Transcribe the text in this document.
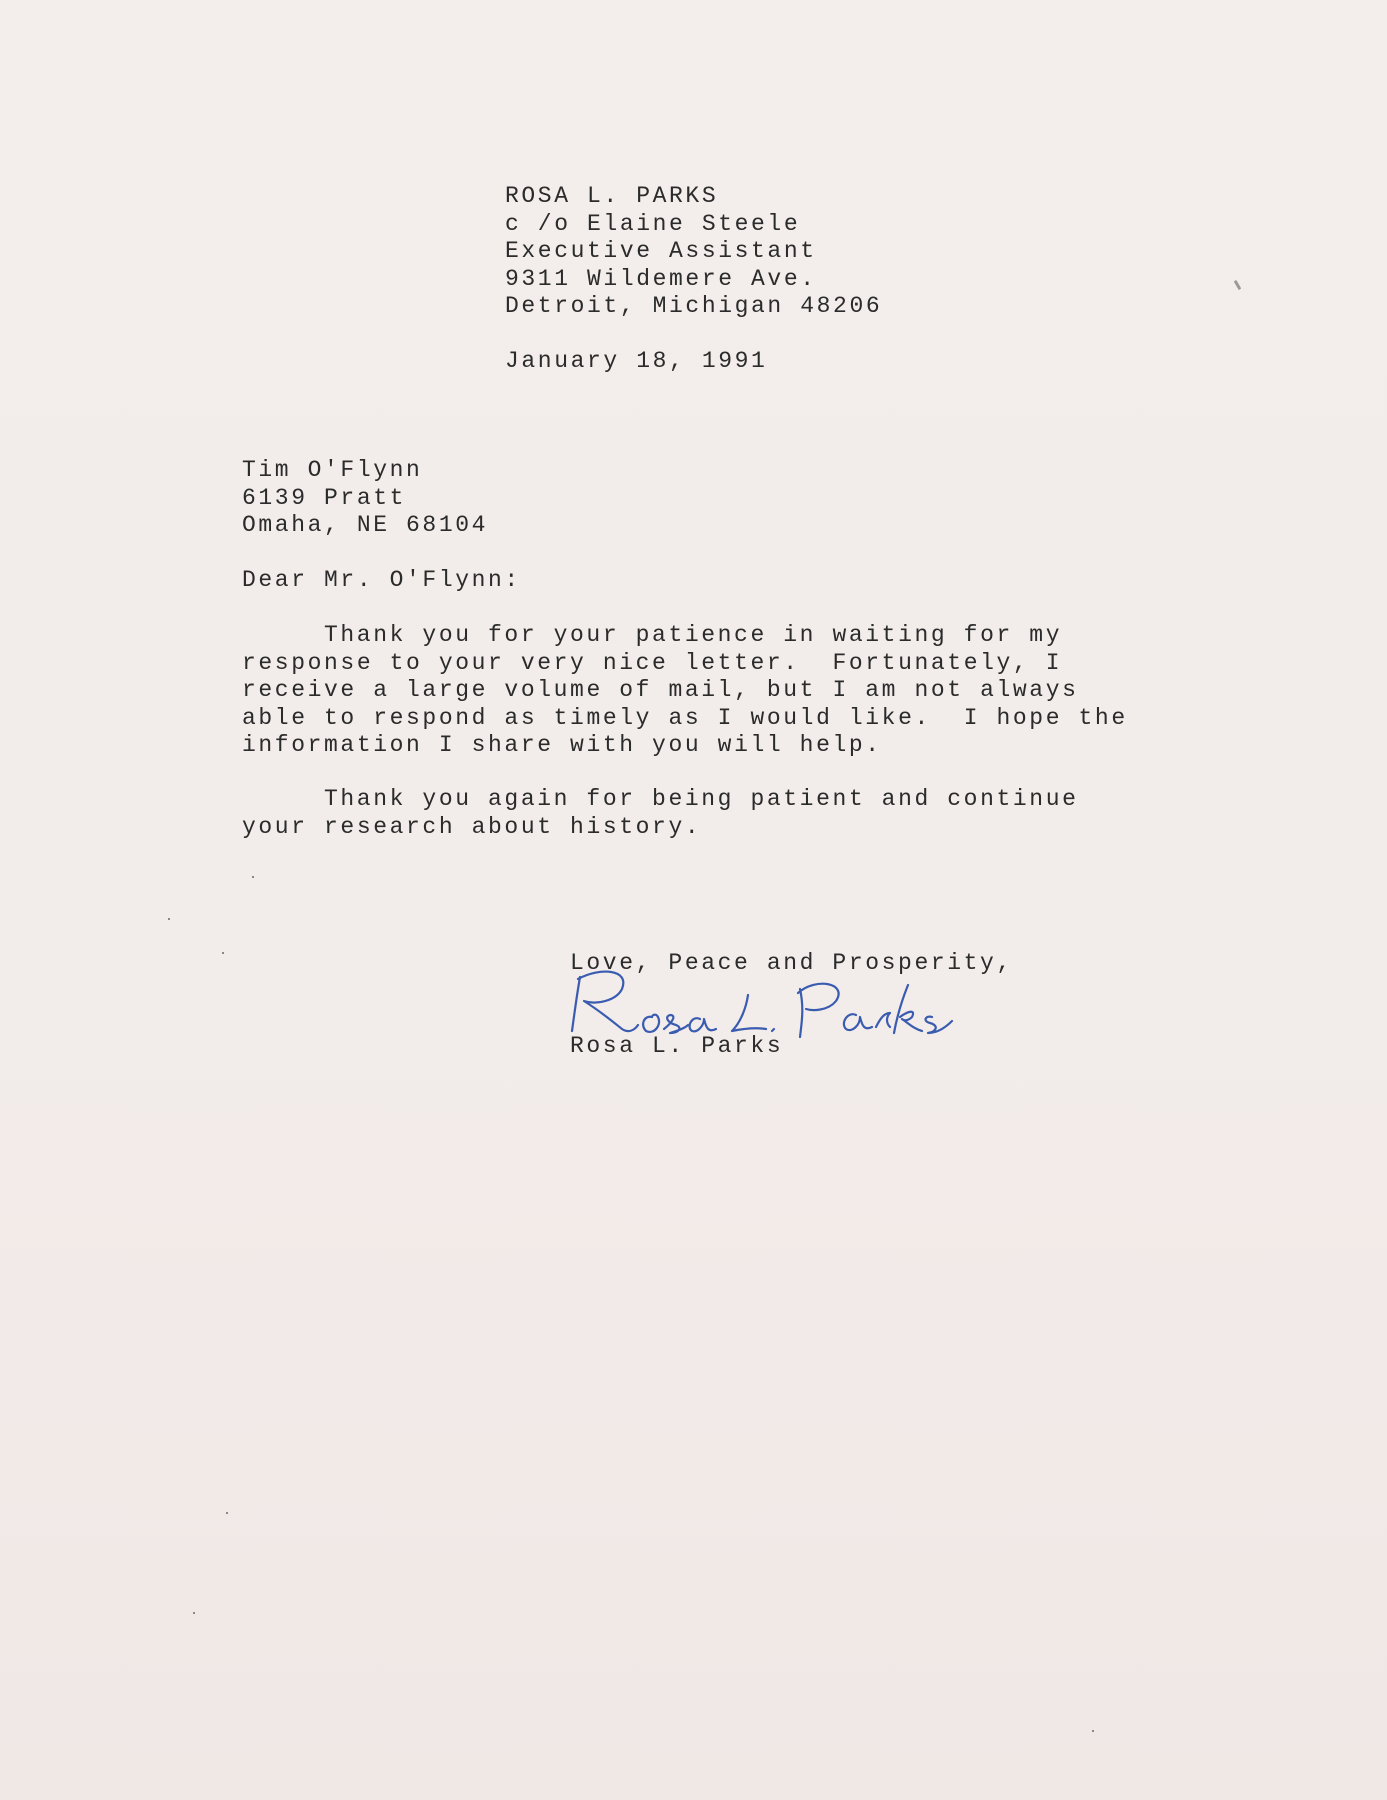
ROSA L. PARKS
c /o Elaine Steele
Executive Assistant
9311 Wildemere Ave.
Detroit, Michigan 48206
January 18, 1991
Tim O'Flynn
6139 Pratt
Omaha, NE 68104
Dear Mr. O'Flynn:
Thank you for your patience in waiting for my
response to your very nice letter.  Fortunately, I
receive a large volume of mail, but I am not always
able to respond as timely as I would like.  I hope the
information I share with you will help.
Thank you again for being patient and continue
your research about history.
Love, Peace and Prosperity,
Rosa L. Parks
